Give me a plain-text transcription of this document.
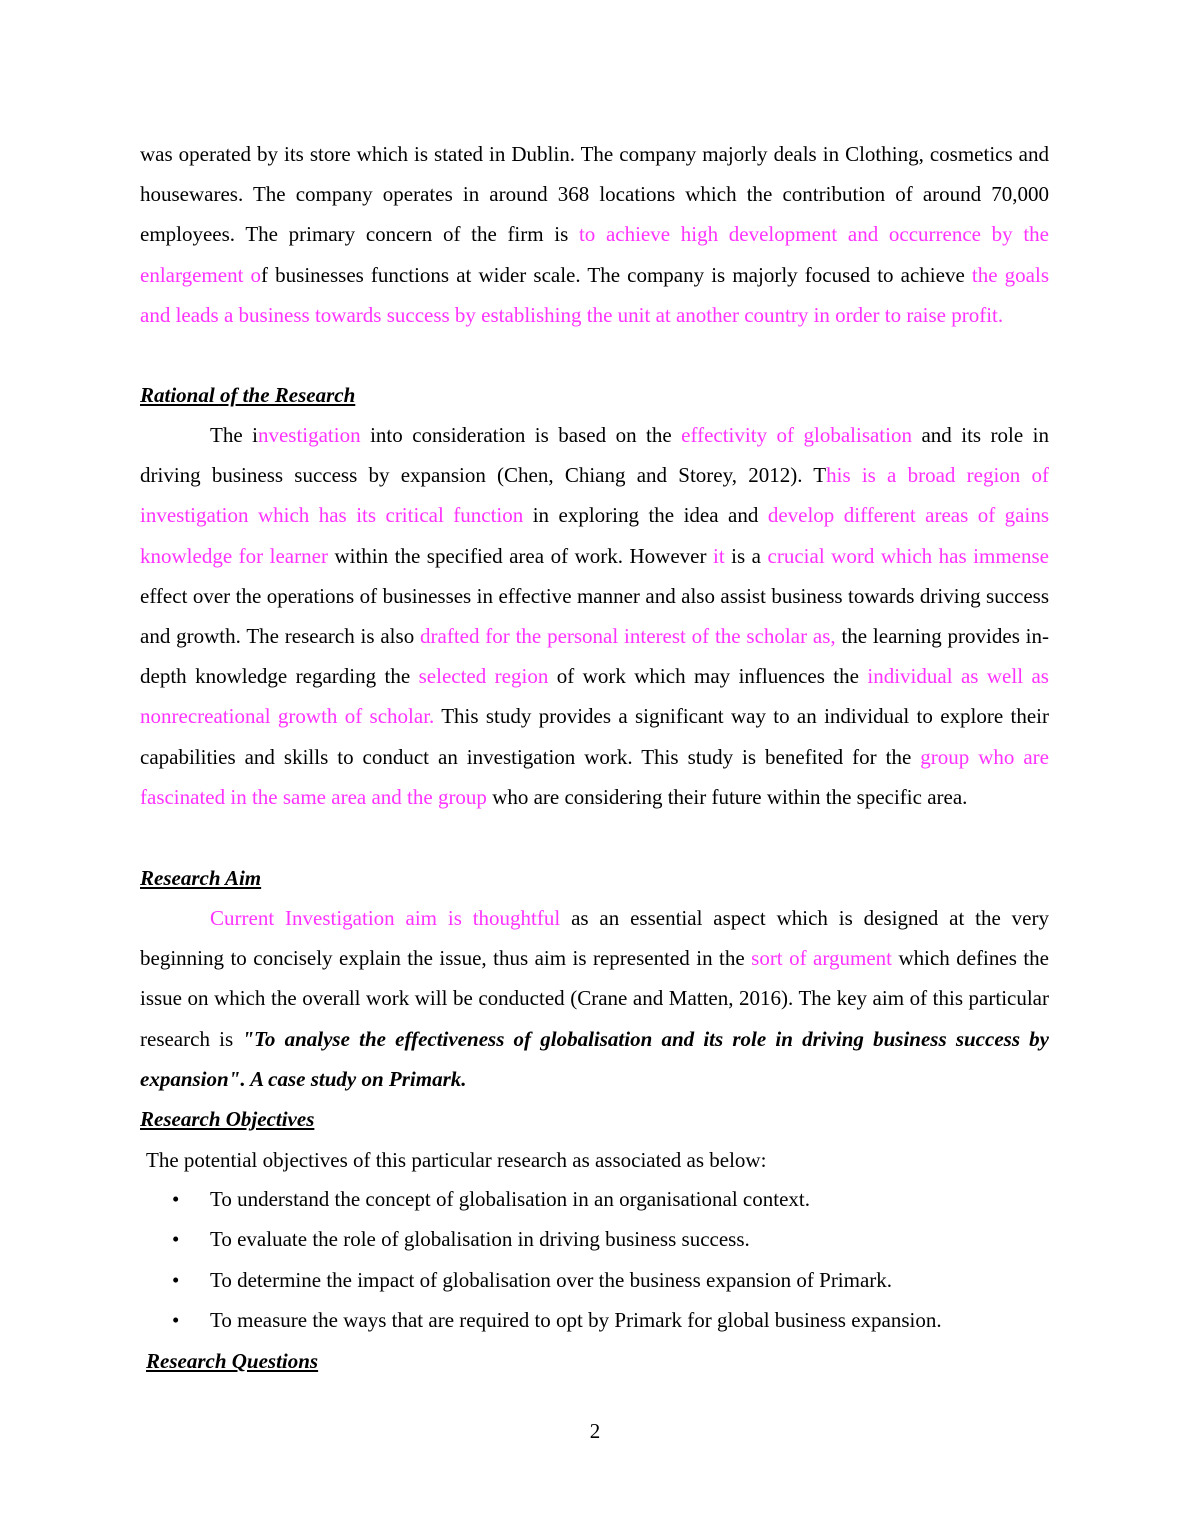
was operated by its store which is stated in Dublin. The company majorly deals in Clothing, cosmetics and housewares. The company operates in around 368 locations which the contribution of around 70,000 employees. The primary concern of the firm is to achieve high development and occurrence by the enlargement of businesses functions at wider scale. The company is majorly focused to achieve the goals and leads a business towards success by establishing the unit at another country in order to raise profit.

Rational of the Research

The investigation into consideration is based on the effectivity of globalisation and its role in driving business success by expansion (Chen, Chiang and Storey, 2012). This is a broad region of investigation which has its critical function in exploring the idea and develop different areas of gains knowledge for learner within the specified area of work. However it is a crucial word which has immense effect over the operations of businesses in effective manner and also assist business towards driving success and growth. The research is also drafted for the personal interest of the scholar as, the learning provides in-depth knowledge regarding the selected region of work which may influences the individual as well as nonrecreational growth of scholar. This study provides a significant way to an individual to explore their capabilities and skills to conduct an investigation work. This study is benefited for the group who are fascinated in the same area and the group who are considering their future within the specific area.

Research Aim

Current Investigation aim is thoughtful as an essential aspect which is designed at the very beginning to concisely explain the issue, thus aim is represented in the sort of argument which defines the issue on which the overall work will be conducted (Crane and Matten, 2016). The key aim of this particular research is "To analyse the effectiveness of globalisation and its role in driving business success by expansion". A case study on Primark.

Research Objectives

The potential objectives of this particular research as associated as below:

• To understand the concept of globalisation in an organisational context.
• To evaluate the role of globalisation in driving business success.
• To determine the impact of globalisation over the business expansion of Primark.
• To measure the ways that are required to opt by Primark for global business expansion.
Research Questions

2
